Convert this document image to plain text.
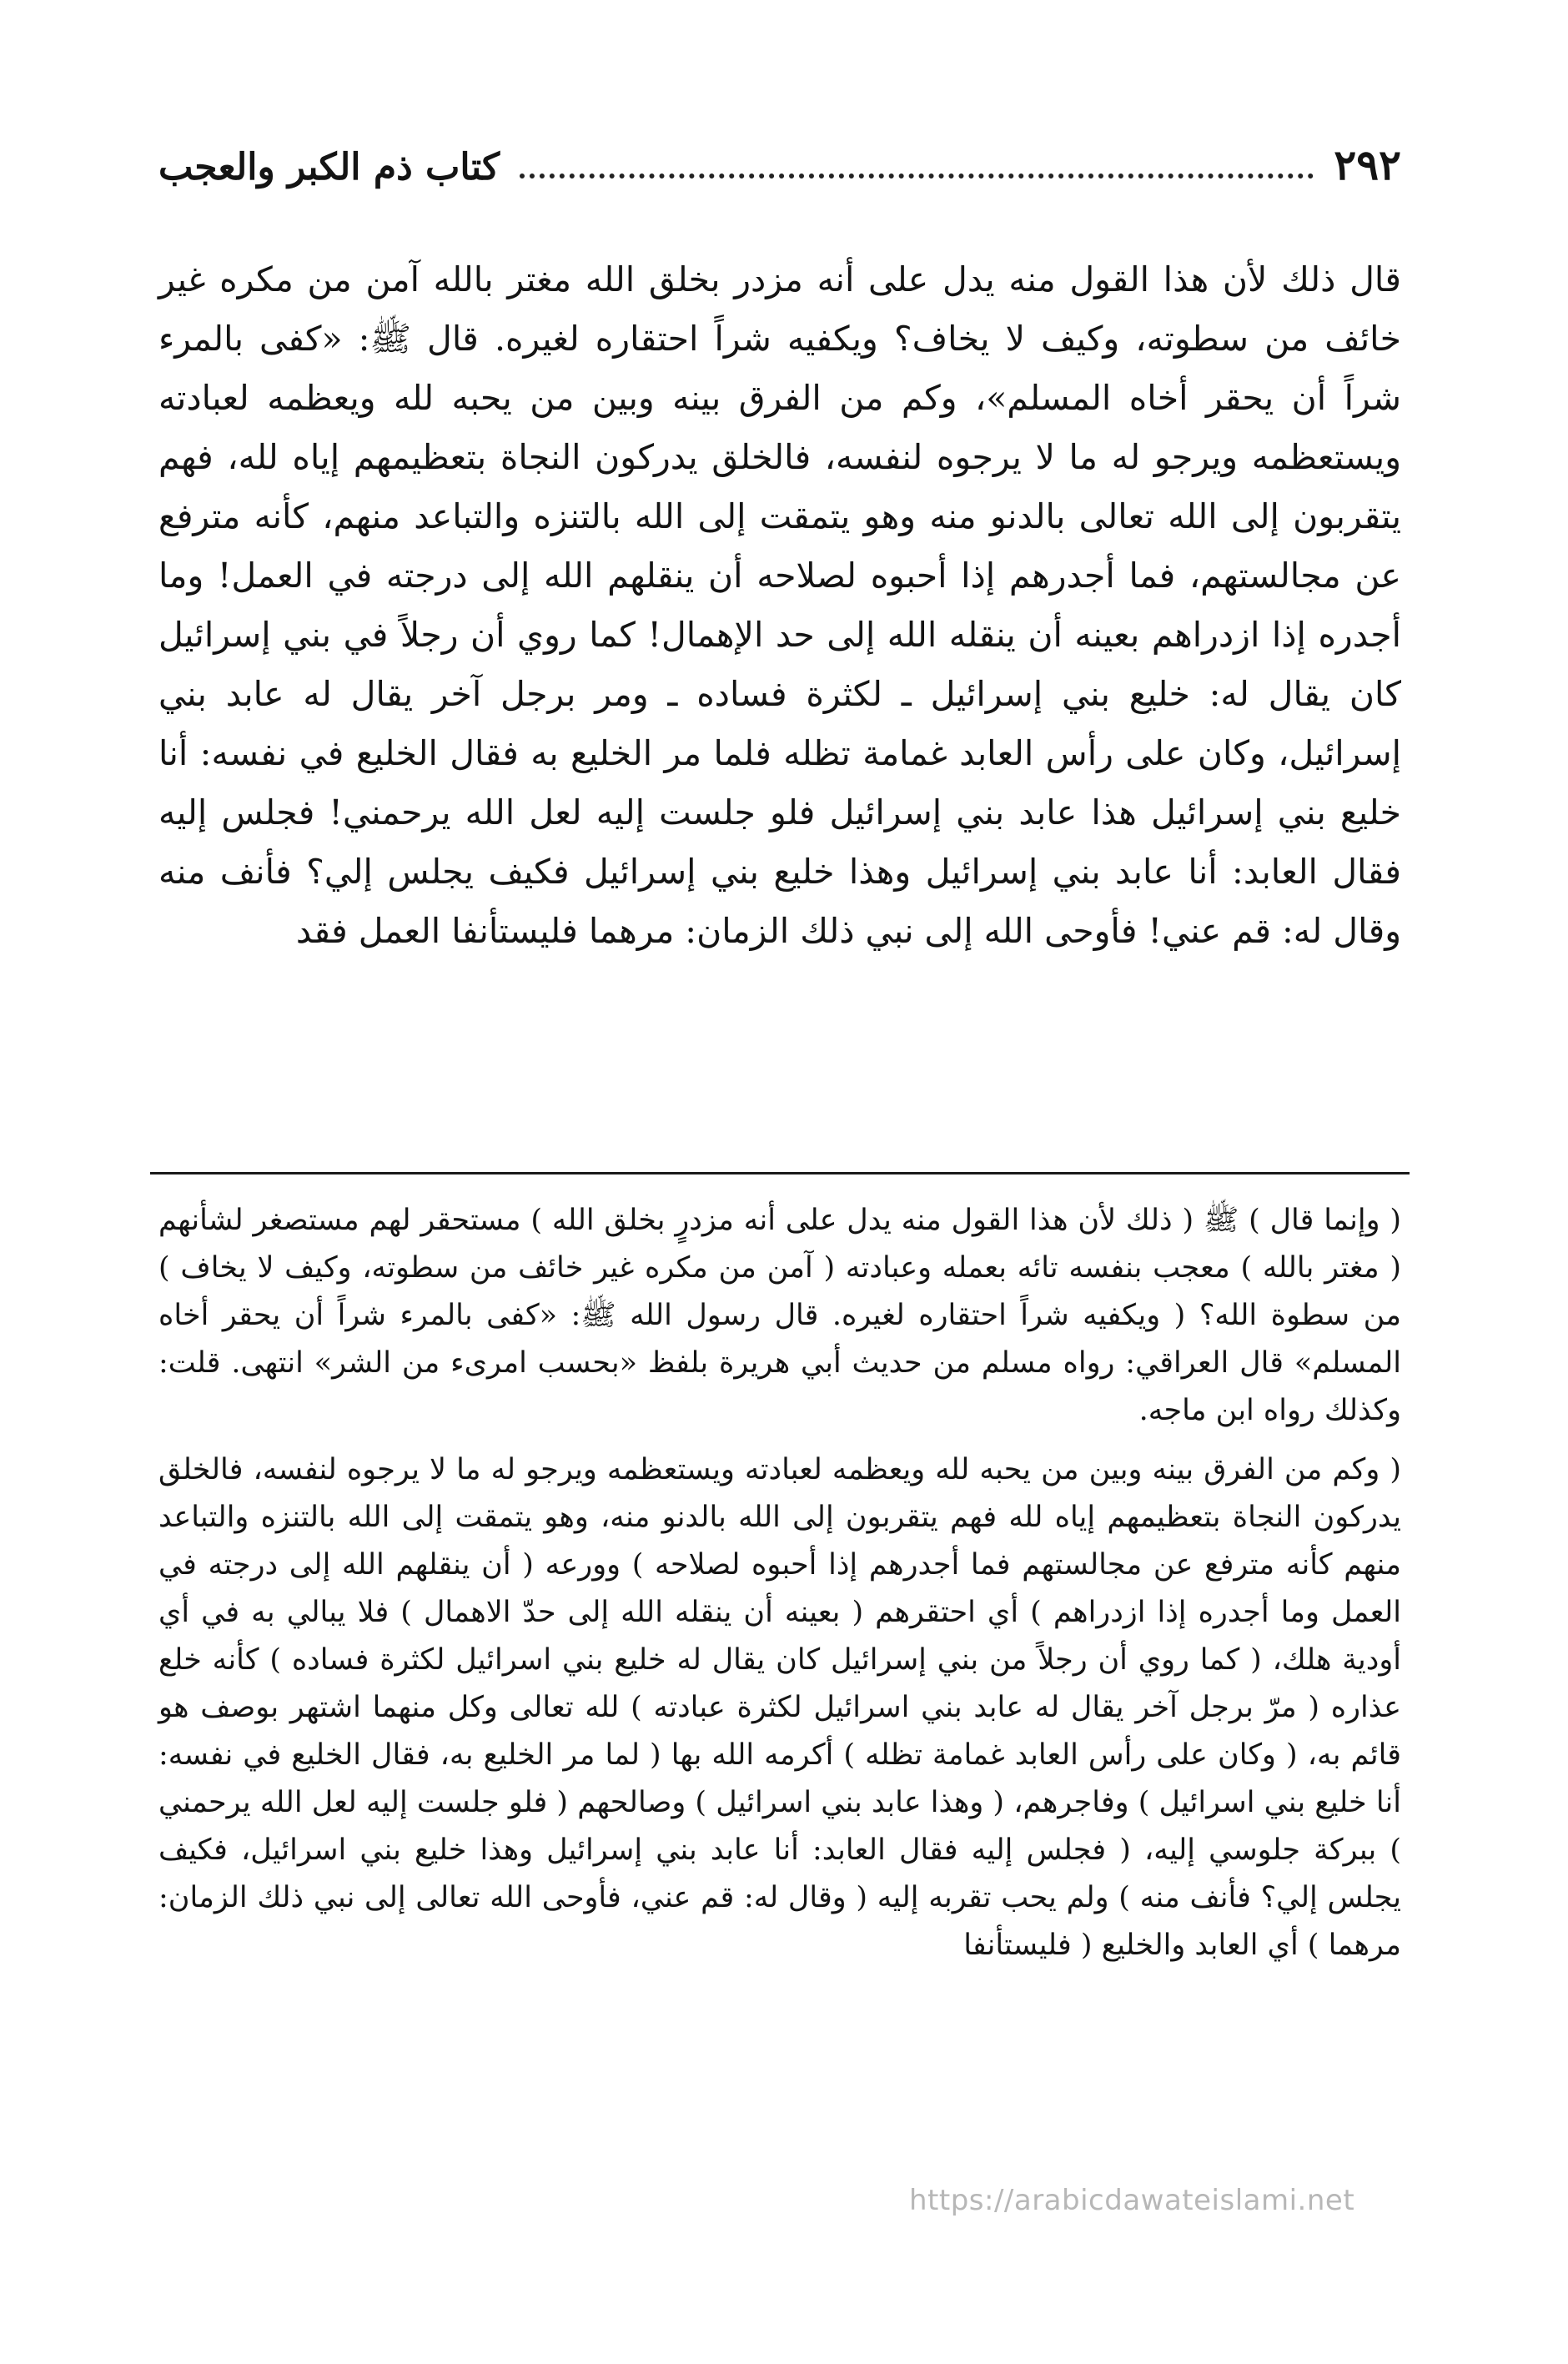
٢٩٢
كتاب ذم الكبر والعجب

قال ذلك لأن هذا القول منه يدل على أنه مزدر بخلق الله مغتر بالله آمن من مكره غير خائف من سطوته، وكيف لا يخاف؟ ويكفيه شراً احتقاره لغيره. قال ﷺ: «كفى بالمرء شراً أن يحقر أخاه المسلم»، وكم من الفرق بينه وبين من يحبه لله ويعظمه لعبادته ويستعظمه ويرجو له ما لا يرجوه لنفسه، فالخلق يدركون النجاة بتعظيمهم إياه لله، فهم يتقربون إلى الله تعالى بالدنو منه وهو يتمقت إلى الله بالتنزه والتباعد منهم، كأنه مترفع عن مجالستهم، فما أجدرهم إذا أحبوه لصلاحه أن ينقلهم الله إلى درجته في العمل! وما أجدره إذا ازدراهم بعينه أن ينقله الله إلى حد الإهمال! كما روي أن رجلاً في بني إسرائيل كان يقال له: خليع بني إسرائيل ـ لكثرة فساده ـ ومر برجل آخر يقال له عابد بني إسرائيل، وكان على رأس العابد غمامة تظله فلما مر الخليع به فقال الخليع في نفسه: أنا خليع بني إسرائيل هذا عابد بني إسرائيل فلو جلست إليه لعل الله يرحمني! فجلس إليه فقال العابد: أنا عابد بني إسرائيل وهذا خليع بني إسرائيل فكيف يجلس إلي؟ فأنف منه وقال له: قم عني! فأوحى الله إلى نبي ذلك الزمان: مرهما فليستأنفا العمل فقد

( وإنما قال ) ﷺ ( ذلك لأن هذا القول منه يدل على أنه مزدرٍ بخلق الله ) مستحقر لهم مستصغر لشأنهم ( مغتر بالله ) معجب بنفسه تائه بعمله وعبادته ( آمن من مكره غير خائف من سطوته، وكيف لا يخاف ) من سطوة الله؟ ( ويكفيه شراً احتقاره لغيره. قال رسول الله ﷺ: «كفى بالمرء شراً أن يحقر أخاه المسلم» قال العراقي: رواه مسلم من حديث أبي هريرة بلفظ «بحسب امرىء من الشر» انتهى. قلت: وكذلك رواه ابن ماجه.

( وكم من الفرق بينه وبين من يحبه لله ويعظمه لعبادته ويستعظمه ويرجو له ما لا يرجوه لنفسه، فالخلق يدركون النجاة بتعظيمهم إياه لله فهم يتقربون إلى الله بالدنو منه، وهو يتمقت إلى الله بالتنزه والتباعد منهم كأنه مترفع عن مجالستهم فما أجدرهم إذا أحبوه لصلاحه ) وورعه ( أن ينقلهم الله إلى درجته في العمل وما أجدره إذا ازدراهم ) أي احتقرهم ( بعينه أن ينقله الله إلى حدّ الاهمال ) فلا يبالي به في أي أودية هلك، ( كما روي أن رجلاً من بني إسرائيل كان يقال له خليع بني اسرائيل لكثرة فساده ) كأنه خلع عذاره ( مرّ برجل آخر يقال له عابد بني اسرائيل لكثرة عبادته ) لله تعالى وكل منهما اشتهر بوصف هو قائم به، ( وكان على رأس العابد غمامة تظله ) أكرمه الله بها ( لما مر الخليع به، فقال الخليع في نفسه: أنا خليع بني اسرائيل ) وفاجرهم، ( وهذا عابد بني اسرائيل ) وصالحهم ( فلو جلست إليه لعل الله يرحمني ) ببركة جلوسي إليه، ( فجلس إليه فقال العابد: أنا عابد بني إسرائيل وهذا خليع بني اسرائيل، فكيف يجلس إلي؟ فأنف منه ) ولم يحب تقربه إليه ( وقال له: قم عني، فأوحى الله تعالى إلى نبي ذلك الزمان: مرهما ) أي العابد والخليع ( فليستأنفا

https://arabicdawateislami.net
